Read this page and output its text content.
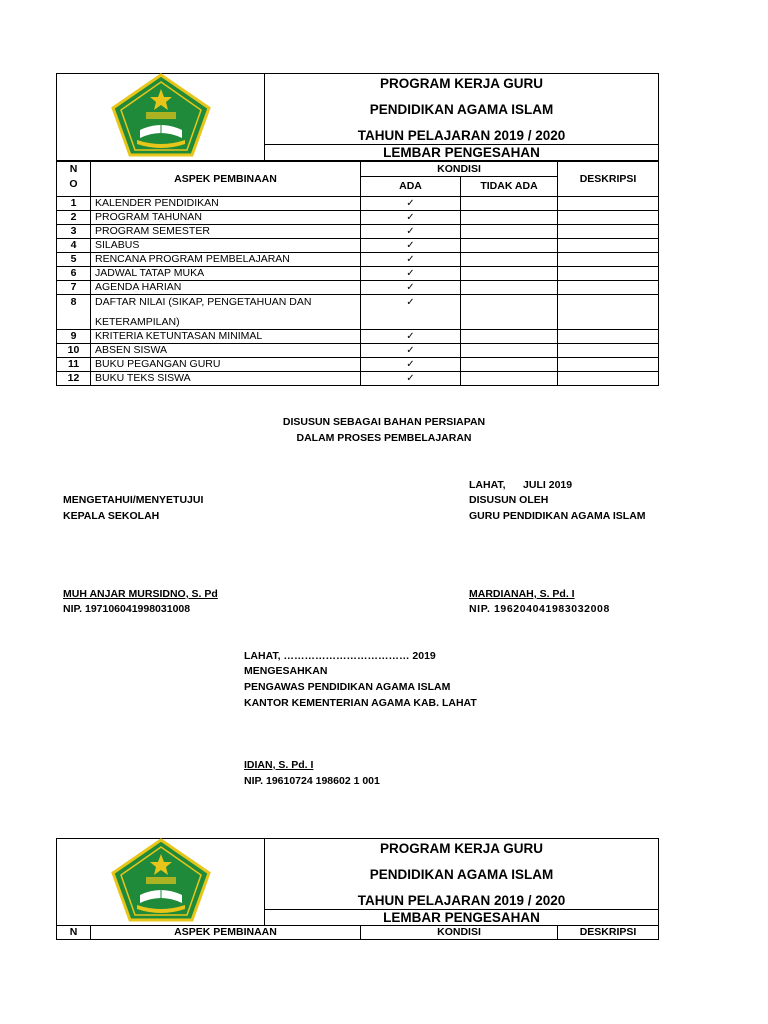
PROGRAM KERJA GURU
PENDIDIKAN AGAMA ISLAM
TAHUN PELAJARAN 2019 / 2020
LEMBAR PENGESAHAN
N
O	ASPEK PEMBINAAN	KONDISI		DESKRIPSI
		ADA	TIDAK ADA	
1	KALENDER PENDIDIKAN	✓		
2	PROGRAM TAHUNAN	✓		
3	PROGRAM SEMESTER	✓		
4	SILABUS	✓		
5	RENCANA PROGRAM PEMBELAJARAN	✓		
6	JADWAL TATAP MUKA	✓		
7	AGENDA HARIAN	✓		
8	DAFTAR NILAI (SIKAP, PENGETAHUAN DAN
KETERAMPILAN)	✓		
9	KRITERIA KETUNTASAN MINIMAL	✓		
10	ABSEN SISWA	✓		
11	BUKU PEGANGAN GURU	✓		
12	BUKU TEKS SISWA	✓		
DISUSUN SEBAGAI BAHAN PERSIAPAN
DALAM PROSES PEMBELAJARAN
LAHAT,      JULI 2019
DISUSUN OLEH
GURU PENDIDIKAN AGAMA ISLAM
MARDIANAH, S. Pd. I
NIP. 196204041983032008
MENGETAHUI/MENYETUJUI
KEPALA SEKOLAH
MUH ANJAR MURSIDNO, S. Pd
NIP. 197106041998031008
LAHAT, ……………………………… 2019
MENGESAHKAN
PENGAWAS PENDIDIKAN AGAMA ISLAM
KANTOR KEMENTERIAN AGAMA KAB. LAHAT
IDIAN, S. Pd. I
NIP. 19610724 198602 1 001
PROGRAM KERJA GURU
PENDIDIKAN AGAMA ISLAM
TAHUN PELAJARAN 2019 / 2020
LEMBAR PENGESAHAN
N	ASPEK PEMBINAAN	KONDISI	DESKRIPSI
